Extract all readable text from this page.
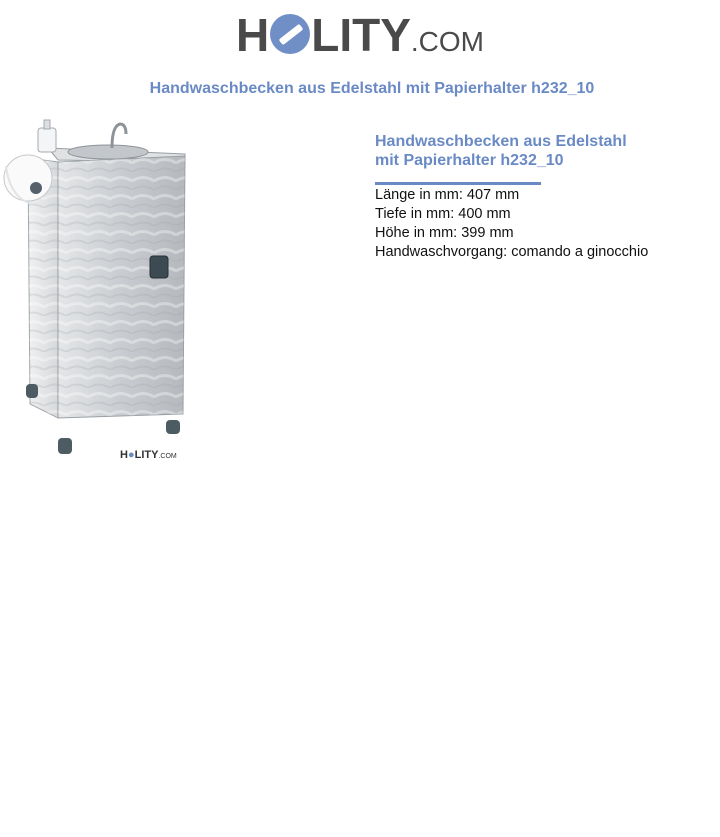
H LITY.COM
Handwaschbecken aus Edelstahl mit Papierhalter h232_10
H●LITY.COM
Handwaschbecken aus Edelstahl mit Papierhalter h232_10
Länge in mm: 407 mm
Tiefe in mm: 400 mm
Höhe in mm: 399 mm
Handwaschvorgang: comando a ginocchio
